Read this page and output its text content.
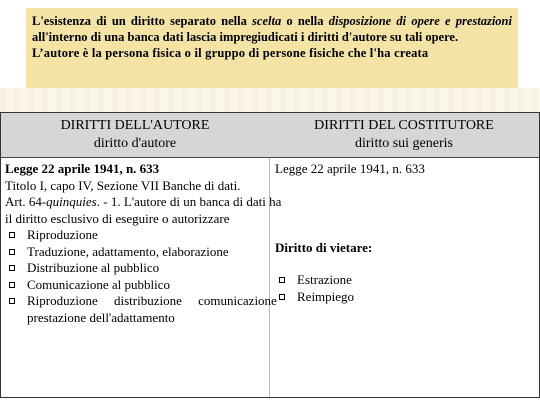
L'esistenza di un diritto separato nella scelta o nella disposizione di opere e prestazioni all'interno di una banca dati lascia impregiudicati i diritti d'autore su tali opere.

L’autore è la persona fisica o il gruppo di persone fisiche che l'ha creata

DIRITTI DELL'AUTORE
diritto d'autore
DIRITTI DEL COSTITUTORE
diritto sui generis
Legge 22 aprile 1941, n. 633
Titolo I, capo IV, Sezione VII Banche di dati.
Art. 64-quinquies. - 1. L'autore di un banca di dati ha
il diritto esclusivo di eseguire o autorizzare
Riproduzione
Traduzione, adattamento, elaborazione
Distribuzione al pubblico
Comunicazione al pubblico
Riproduzione     distribuzione     comunicazione
prestazione dell'adattamento
Legge 22 aprile 1941, n. 633
Diritto di vietare:
Estrazione
Reimpiego
